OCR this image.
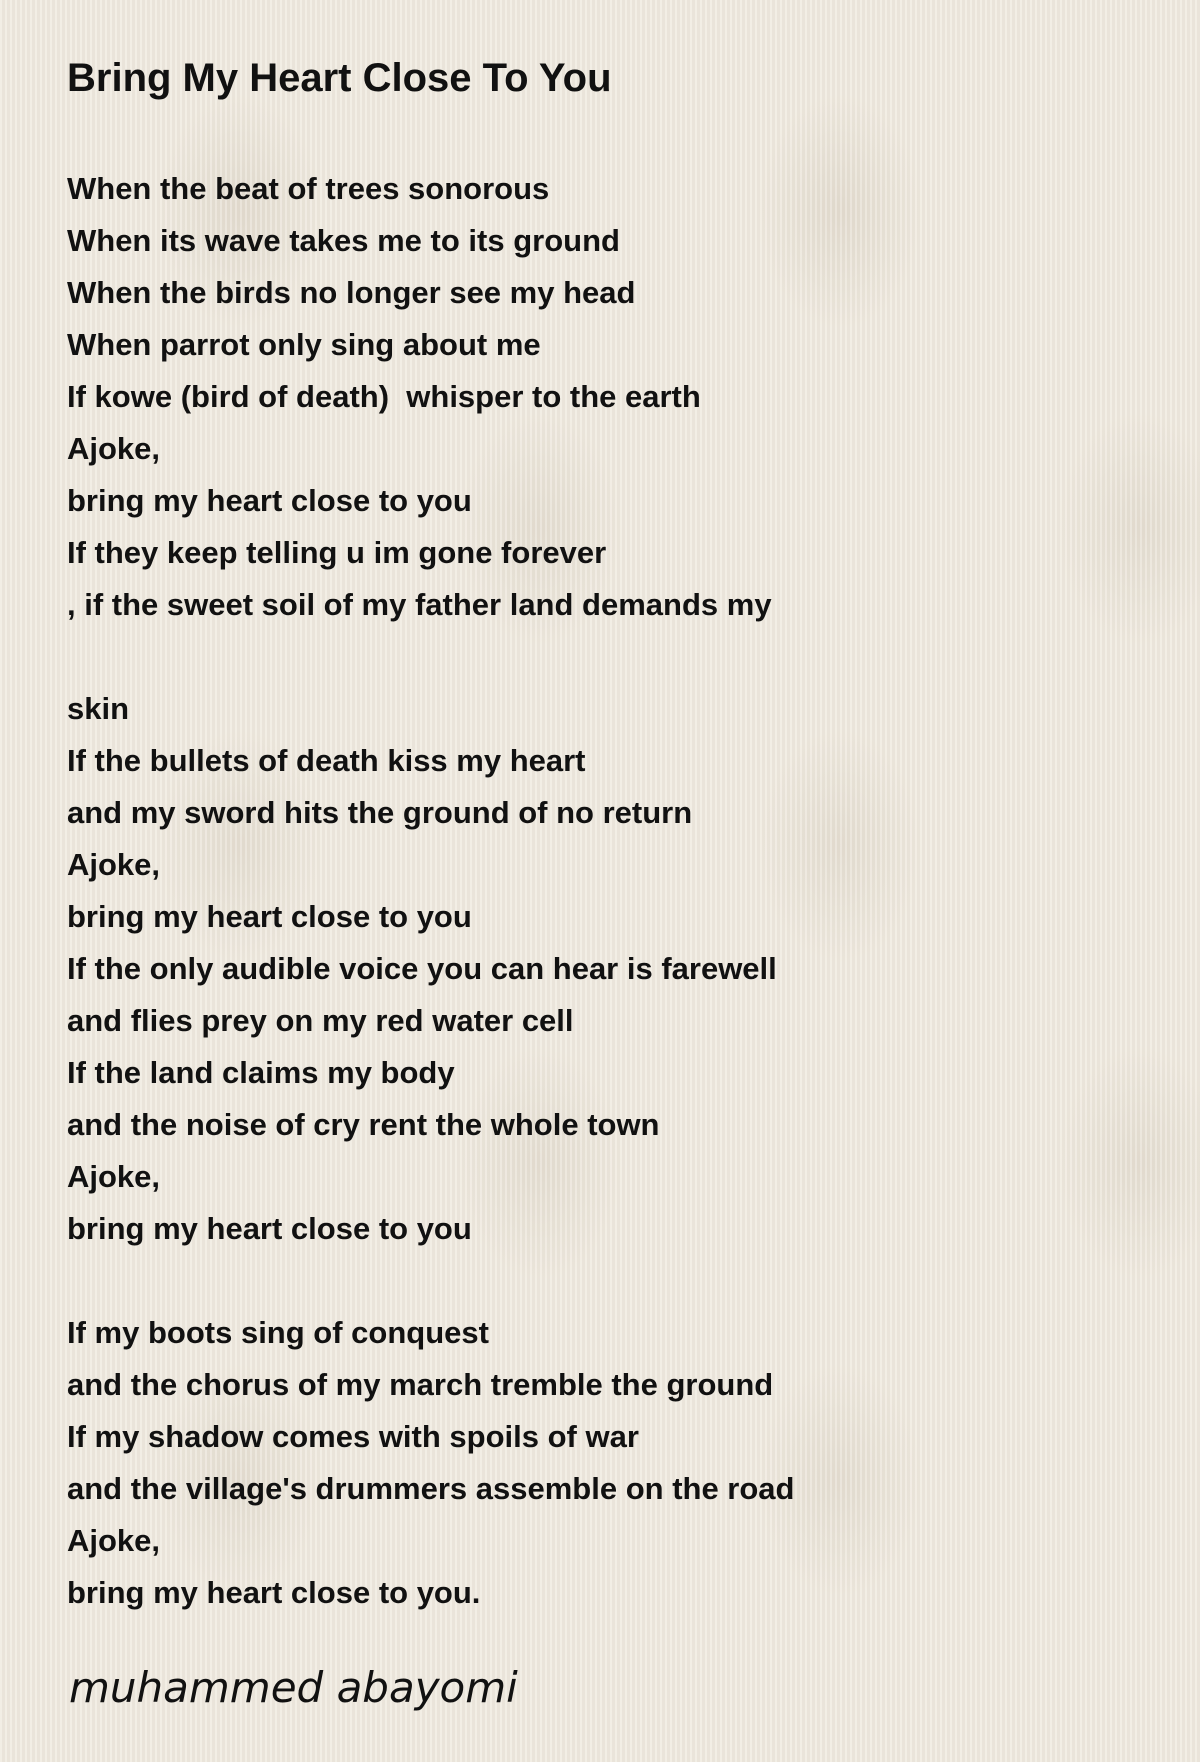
Bring My Heart Close To You
When the beat of trees sonorous
When its wave takes me to its ground
When the birds no longer see my head
When parrot only sing about me
If kowe (bird of death)  whisper to the earth
Ajoke,
bring my heart close to you
If they keep telling u im gone forever
, if the sweet soil of my father land demands my
skin
If the bullets of death kiss my heart
and my sword hits the ground of no return
Ajoke,
bring my heart close to you
If the only audible voice you can hear is farewell
and flies prey on my red water cell
If the land claims my body
and the noise of cry rent the whole town
Ajoke,
bring my heart close to you
If my boots sing of conquest
and the chorus of my march tremble the ground
If my shadow comes with spoils of war
and the village's drummers assemble on the road
Ajoke,
bring my heart close to you.
muhammed abayomi
